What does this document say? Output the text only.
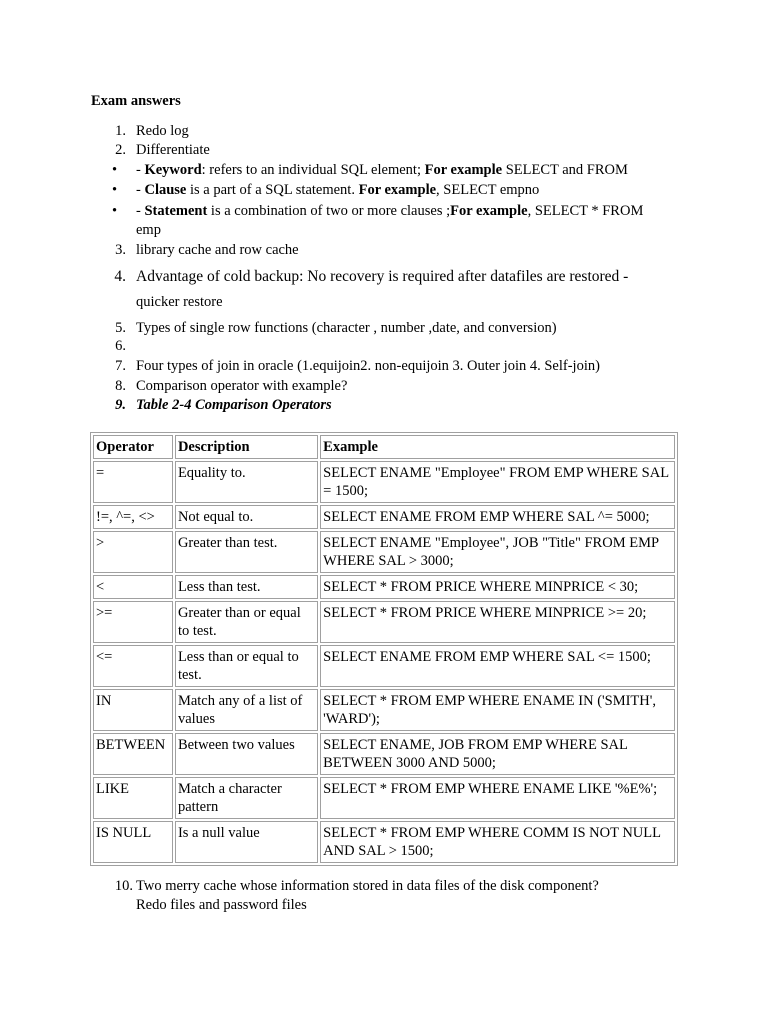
Exam answers
1. Redo log
2. Differentiate
• - Keyword: refers to an individual SQL element; For example SELECT and FROM
• - Clause is a part of a SQL statement. For example, SELECT empno
• - Statement is a combination of two or more clauses ;For example, SELECT * FROM
emp
3. library cache and row cache
4. Advantage of cold backup: No recovery is required after datafiles are restored -
quicker restore
5. Types of single row functions (character , number ,date, and conversion)
6.
7. Four types of join in oracle (1.equijoin2. non-equijoin 3. Outer join 4. Self-join)
8. Comparison operator with example?
9. Table 2-4 Comparison Operators
Operator	Description	Example
=	Equality to.	SELECT ENAME "Employee" FROM EMP WHERE SAL = 1500;
!=, ^=, <>	Not equal to.	SELECT ENAME FROM EMP WHERE SAL ^= 5000;
>	Greater than test.	SELECT ENAME "Employee", JOB "Title" FROM EMP WHERE SAL > 3000;
<	Less than test.	SELECT * FROM PRICE WHERE MINPRICE < 30;
>=	Greater than or equal to test.	SELECT * FROM PRICE WHERE MINPRICE >= 20;
<=	Less than or equal to test.	SELECT ENAME FROM EMP WHERE SAL <= 1500;
IN	Match any of a list of values	SELECT * FROM EMP WHERE ENAME IN ('SMITH', 'WARD');
BETWEEN	Between two values	SELECT ENAME, JOB FROM EMP WHERE SAL BETWEEN 3000 AND 5000;
LIKE	Match a character pattern	SELECT * FROM EMP WHERE ENAME LIKE '%E%';
IS NULL	Is a null value	SELECT * FROM EMP WHERE COMM IS NOT NULL AND SAL > 1500;
10. Two merry cache whose information stored in data files of the disk component?
Redo files and password files
